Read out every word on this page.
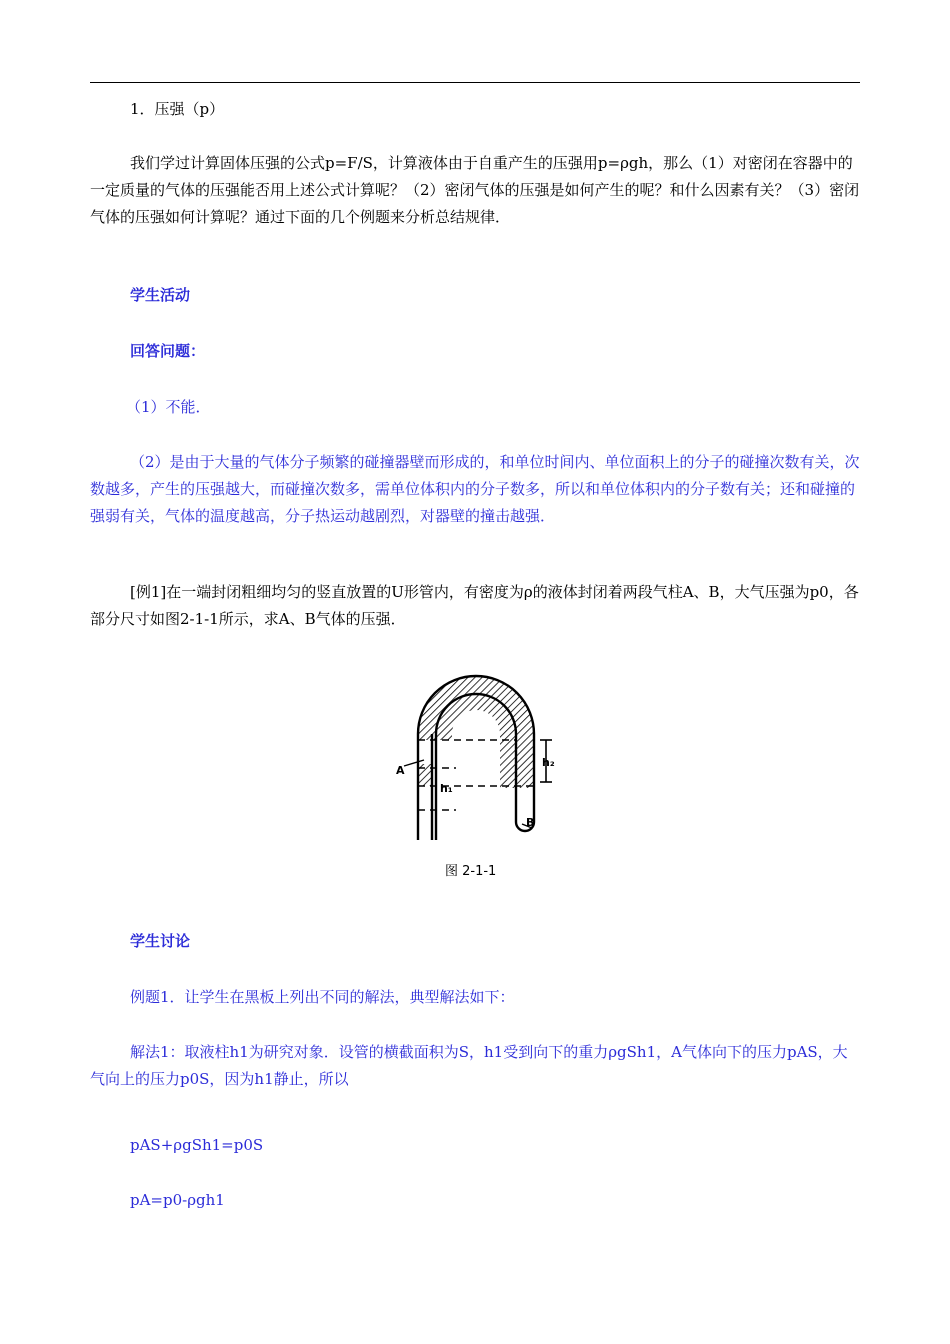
1．压强（p）

我们学过计算固体压强的公式p=F/S，计算液体由于自重产生的压强用p=ρgh，那么（1）对密闭在容器中的一定质量的气体的压强能否用上述公式计算呢？（2）密闭气体的压强是如何产生的呢？和什么因素有关？（3）密闭气体的压强如何计算呢？通过下面的几个例题来分析总结规律．

学生活动

回答问题：

（1）不能．

（2）是由于大量的气体分子频繁的碰撞器壁而形成的，和单位时间内、单位面积上的分子的碰撞次数有关，次数越多，产生的压强越大，而碰撞次数多，需单位体积内的分子数多，所以和单位体积内的分子数有关；还和碰撞的强弱有关，气体的温度越高，分子热运动越剧烈，对器壁的撞击越强．

[例1]在一端封闭粗细均匀的竖直放置的U形管内，有密度为ρ的液体封闭着两段气柱A、B，大气压强为p0，各部分尺寸如图2-1-1所示，求A、B气体的压强．

A
h₁
h₂
B
图 2-1-1

学生讨论

例题1．让学生在黑板上列出不同的解法，典型解法如下：

解法1：取液柱h1为研究对象．设管的横截面积为S，h1受到向下的重力ρgSh1，A气体向下的压力pAS，大气向上的压力p0S，因为h1静止，所以

pAS+ρgSh1=p0S

pA=p0-ρgh1
